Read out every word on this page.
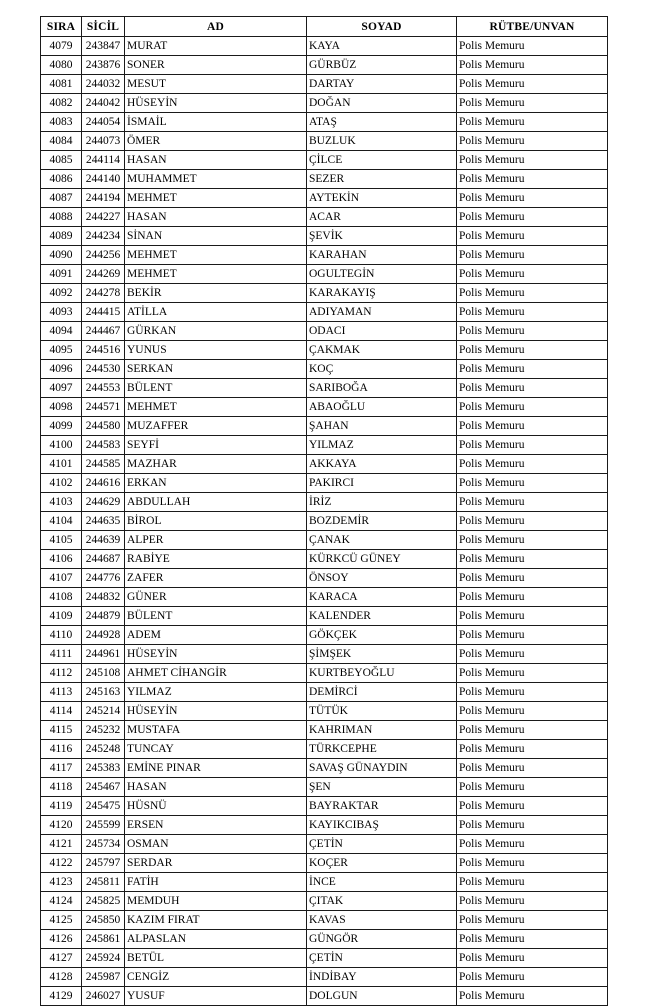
SIRA	SİCİL	AD	SOYAD	RÜTBE/UNVAN
4079	243847	MURAT	KAYA	Polis Memuru
4080	243876	SONER	GÜRBÜZ	Polis Memuru
4081	244032	MESUT	DARTAY	Polis Memuru
4082	244042	HÜSEYİN	DOĞAN	Polis Memuru
4083	244054	İSMAİL	ATAŞ	Polis Memuru
4084	244073	ÖMER	BUZLUK	Polis Memuru
4085	244114	HASAN	ÇİLCE	Polis Memuru
4086	244140	MUHAMMET	SEZER	Polis Memuru
4087	244194	MEHMET	AYTEKİN	Polis Memuru
4088	244227	HASAN	ACAR	Polis Memuru
4089	244234	SİNAN	ŞEVİK	Polis Memuru
4090	244256	MEHMET	KARAHAN	Polis Memuru
4091	244269	MEHMET	OGULTEGİN	Polis Memuru
4092	244278	BEKİR	KARAKAYIŞ	Polis Memuru
4093	244415	ATİLLA	ADIYAMAN	Polis Memuru
4094	244467	GÜRKAN	ODACI	Polis Memuru
4095	244516	YUNUS	ÇAKMAK	Polis Memuru
4096	244530	SERKAN	KOÇ	Polis Memuru
4097	244553	BÜLENT	SARIBOĞA	Polis Memuru
4098	244571	MEHMET	ABAOĞLU	Polis Memuru
4099	244580	MUZAFFER	ŞAHAN	Polis Memuru
4100	244583	SEYFİ	YILMAZ	Polis Memuru
4101	244585	MAZHAR	AKKAYA	Polis Memuru
4102	244616	ERKAN	PAKIRCI	Polis Memuru
4103	244629	ABDULLAH	İRİZ	Polis Memuru
4104	244635	BİROL	BOZDEMİR	Polis Memuru
4105	244639	ALPER	ÇANAK	Polis Memuru
4106	244687	RABİYE	KÜRKCÜ GÜNEY	Polis Memuru
4107	244776	ZAFER	ÖNSOY	Polis Memuru
4108	244832	GÜNER	KARACA	Polis Memuru
4109	244879	BÜLENT	KALENDER	Polis Memuru
4110	244928	ADEM	GÖKÇEK	Polis Memuru
4111	244961	HÜSEYİN	ŞİMŞEK	Polis Memuru
4112	245108	AHMET CİHANGİR	KURTBEYOĞLU	Polis Memuru
4113	245163	YILMAZ	DEMİRCİ	Polis Memuru
4114	245214	HÜSEYİN	TÜTÜK	Polis Memuru
4115	245232	MUSTAFA	KAHRIMAN	Polis Memuru
4116	245248	TUNCAY	TÜRKCEPHE	Polis Memuru
4117	245383	EMİNE PINAR	SAVAŞ GÜNAYDIN	Polis Memuru
4118	245467	HASAN	ŞEN	Polis Memuru
4119	245475	HÜSNÜ	BAYRAKTAR	Polis Memuru
4120	245599	ERSEN	KAYIKCIBAŞ	Polis Memuru
4121	245734	OSMAN	ÇETİN	Polis Memuru
4122	245797	SERDAR	KOÇER	Polis Memuru
4123	245811	FATİH	İNCE	Polis Memuru
4124	245825	MEMDUH	ÇITAK	Polis Memuru
4125	245850	KAZIM FIRAT	KAVAS	Polis Memuru
4126	245861	ALPASLAN	GÜNGÖR	Polis Memuru
4127	245924	BETÜL	ÇETİN	Polis Memuru
4128	245987	CENGİZ	İNDİBAY	Polis Memuru
4129	246027	YUSUF	DOLGUN	Polis Memuru
